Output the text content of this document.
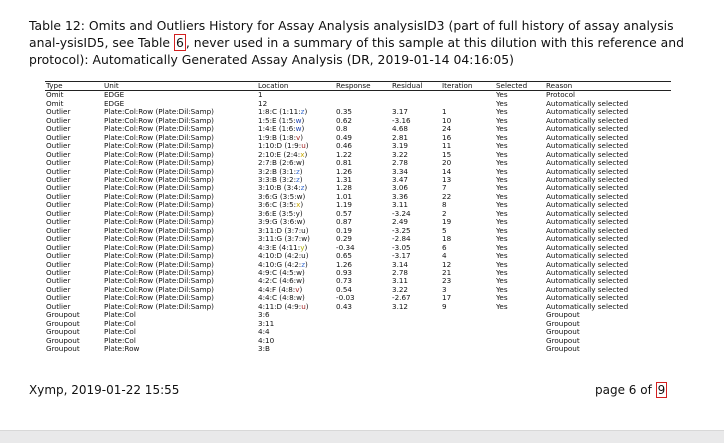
Table 12: Omits and Outliers History for Assay Analysis analysisID3 (part of full history of assay analysis anal-ysisID5, see Table 6 , never used in a summary of this sample at this dilution with this reference and protocol): Automatically Generated Assay Analysis (DR, 2019-01-14 04:16:05)
Type	Unit	Location	Response	Residual	Iteration	Selected	Reason
Omit	EDGE	1				Yes	Protocol
Omit	EDGE	12				Yes	Automatically selected
Outlier	Plate:Col:Row (Plate:Dil:Samp)	1:8:C (1:11:z)	0.35	3.17	1	Yes	Automatically selected
Outlier	Plate:Col:Row (Plate:Dil:Samp)	1:5:E (1:5:w)	0.62	-3.16	10	Yes	Automatically selected
Outlier	Plate:Col:Row (Plate:Dil:Samp)	1:4:E (1:6:w)	0.8	4.68	24	Yes	Automatically selected
Outlier	Plate:Col:Row (Plate:Dil:Samp)	1:9:B (1:8:v)	0.49	2.81	16	Yes	Automatically selected
Outlier	Plate:Col:Row (Plate:Dil:Samp)	1:10:D (1:9:u)	0.46	3.19	11	Yes	Automatically selected
Outlier	Plate:Col:Row (Plate:Dil:Samp)	2:10:E (2:4:x)	1.22	3.22	15	Yes	Automatically selected
Outlier	Plate:Col:Row (Plate:Dil:Samp)	2:7:B (2:6:w)	0.81	2.78	20	Yes	Automatically selected
Outlier	Plate:Col:Row (Plate:Dil:Samp)	3:2:B (3:1:z)	1.26	3.34	14	Yes	Automatically selected
Outlier	Plate:Col:Row (Plate:Dil:Samp)	3:3:B (3:2:z)	1.31	3.47	13	Yes	Automatically selected
Outlier	Plate:Col:Row (Plate:Dil:Samp)	3:10:B (3:4:z)	1.28	3.06	7	Yes	Automatically selected
Outlier	Plate:Col:Row (Plate:Dil:Samp)	3:6:G (3:5:w)	1.01	3.36	22	Yes	Automatically selected
Outlier	Plate:Col:Row (Plate:Dil:Samp)	3:6:C (3:5:x)	1.19	3.11	8	Yes	Automatically selected
Outlier	Plate:Col:Row (Plate:Dil:Samp)	3:6:E (3:5:y)	0.57	-3.24	2	Yes	Automatically selected
Outlier	Plate:Col:Row (Plate:Dil:Samp)	3:9:G (3:6:w)	0.87	2.49	19	Yes	Automatically selected
Outlier	Plate:Col:Row (Plate:Dil:Samp)	3:11:D (3:7:u)	0.19	-3.25	5	Yes	Automatically selected
Outlier	Plate:Col:Row (Plate:Dil:Samp)	3:11:G (3:7:w)	0.29	-2.84	18	Yes	Automatically selected
Outlier	Plate:Col:Row (Plate:Dil:Samp)	4:3:E (4:11:y)	-0.34	-3.05	6	Yes	Automatically selected
Outlier	Plate:Col:Row (Plate:Dil:Samp)	4:10:D (4:2:u)	0.65	-3.17	4	Yes	Automatically selected
Outlier	Plate:Col:Row (Plate:Dil:Samp)	4:10:G (4:2:z)	1.26	3.14	12	Yes	Automatically selected
Outlier	Plate:Col:Row (Plate:Dil:Samp)	4:9:C (4:5:w)	0.93	2.78	21	Yes	Automatically selected
Outlier	Plate:Col:Row (Plate:Dil:Samp)	4:2:C (4:6:w)	0.73	3.11	23	Yes	Automatically selected
Outlier	Plate:Col:Row (Plate:Dil:Samp)	4:4:F (4:8:v)	0.54	3.22	3	Yes	Automatically selected
Outlier	Plate:Col:Row (Plate:Dil:Samp)	4:4:C (4:8:w)	-0.03	-2.67	17	Yes	Automatically selected
Outlier	Plate:Col:Row (Plate:Dil:Samp)	4:11:D (4:9:u)	0.43	3.12	9	Yes	Automatically selected
Groupout	Plate:Col	3:6					Groupout
Groupout	Plate:Col	3:11					Groupout
Groupout	Plate:Col	4:4					Groupout
Groupout	Plate:Col	4:10					Groupout
Groupout	Plate:Row	3:B					Groupout
Xymp, 2019-01-22 15:55	page 6 of 9
